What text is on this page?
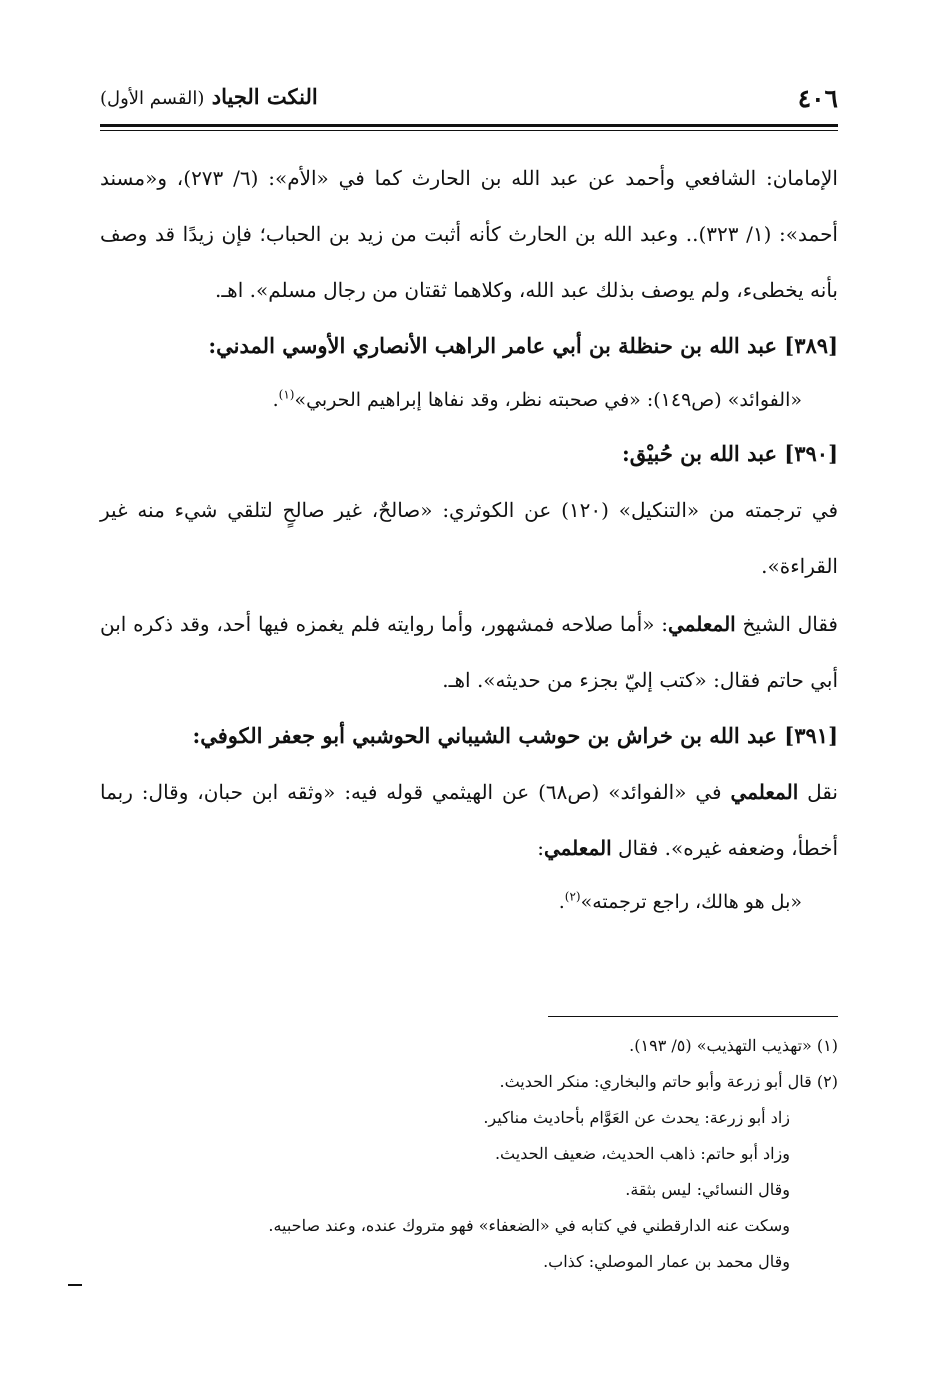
٤٠٦
النكت الجياد (القسم الأول)

الإمامان: الشافعي وأحمد عن عبد الله بن الحارث كما في «الأم»: (٦/ ٢٧٣)، و«مسند أحمد»: (١/ ٣٢٣).. وعبد الله بن الحارث كأنه أثبت من زيد بن الحباب؛ فإن زيدًا قد وصف بأنه يخطىء، ولم يوصف بذلك عبد الله، وكلاهما ثقتان من رجال مسلم». اهـ.

[٣٨٩] عبد الله بن حنظلة بن أبي عامر الراهب الأنصاري الأوسي المدني:

«الفوائد» (ص١٤٩): «في صحبته نظر، وقد نفاها إبراهيم الحربي»$^{(١)}$.

[٣٩٠] عبد الله بن حُبيْق:

في ترجمته من «التنكيل» (١٢٠) عن الكوثري: «صالحٌ، غير صالحٍ لتلقي شيء منه غير القراءة».

فقال الشيخ المعلمي: «أما صلاحه فمشهور، وأما روايته فلم يغمزه فيها أحد، وقد ذكره ابن أبي حاتم فقال: «كتب إليّ بجزء من حديثه». اهـ.

[٣٩١] عبد الله بن خراش بن حوشب الشيباني الحوشبي أبو جعفر الكوفي:

نقل المعلمي في «الفوائد» (ص٦٨) عن الهيثمي قوله فيه: «وثقه ابن حبان، وقال: ربما أخطأ، وضعفه غيره». فقال المعلمي:

«بل هو هالك، راجع ترجمته»$^{(٢)}$.

(١) «تهذيب التهذيب» (٥/ ١٩٣).

(٢) قال أبو زرعة وأبو حاتم والبخاري: منكر الحديث.

زاد أبو زرعة: يحدث عن العَوَّام بأحاديث مناكير.

وزاد أبو حاتم: ذاهب الحديث، ضعيف الحديث.

وقال النسائي: ليس بثقة.

وسكت عنه الدارقطني في كتابه في «الضعفاء» فهو متروك عنده، وعند صاحبيه.

وقال محمد بن عمار الموصلي: كذاب.
